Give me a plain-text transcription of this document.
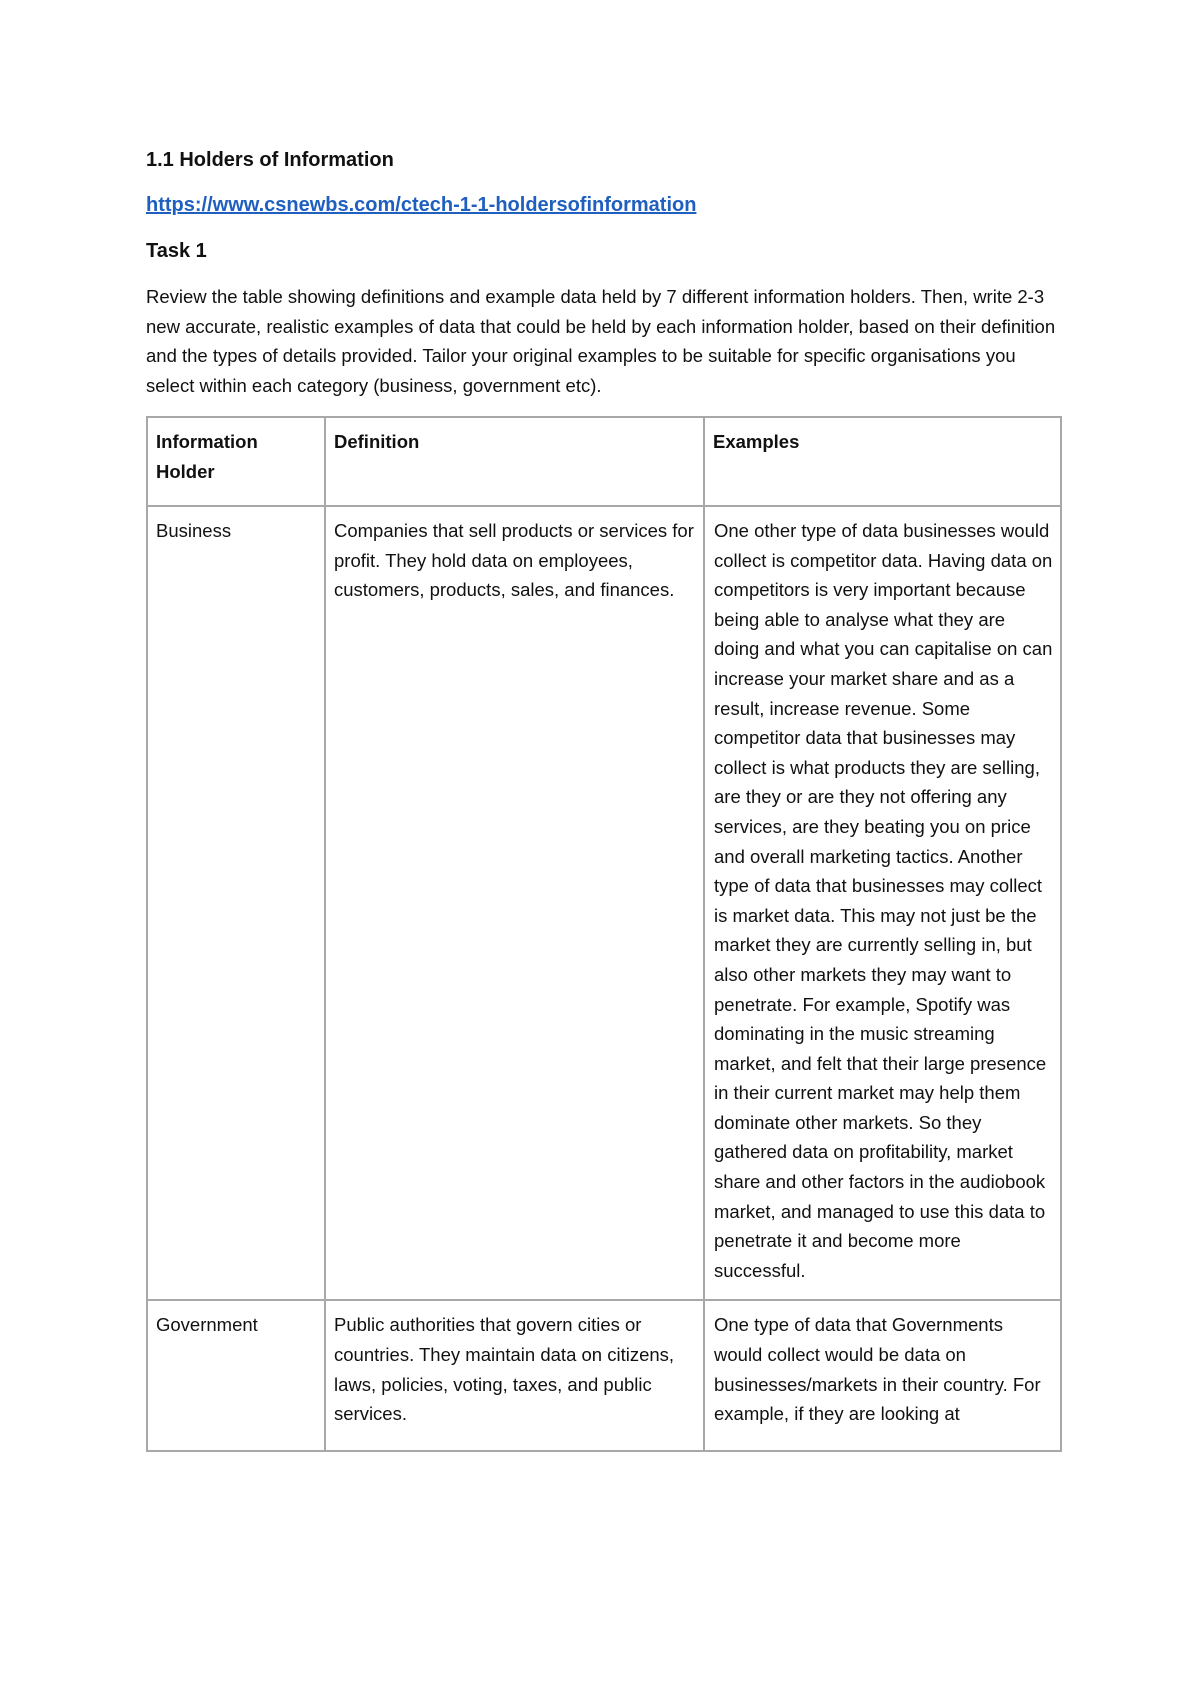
1.1 Holders of Information
https://www.csnewbs.com/ctech-1-1-holdersofinformation
Task 1
Review the table showing definitions and example data held by 7 different information holders. Then, write 2-3 new accurate, realistic examples of data that could be held by each information holder, based on their definition and the types of details provided. Tailor your original examples to be suitable for specific organisations you select within each category (business, government etc).
Information Holder	Definition	Examples
Business	Companies that sell products or services for profit. They hold data on employees, customers, products, sales, and finances.	One other type of data businesses would collect is competitor data. Having data on competitors is very important because being able to analyse what they are doing and what you can capitalise on can increase your market share and as a result, increase revenue. Some competitor data that businesses may collect is what products they are selling, are they or are they not offering any services, are they beating you on price and overall marketing tactics. Another type of data that businesses may collect is market data. This may not just be the market they are currently selling in, but also other markets they may want to penetrate. For example, Spotify was dominating in the music streaming market, and felt that their large presence in their current market may help them dominate other markets. So they gathered data on profitability, market share and other factors in the audiobook market, and managed to use this data to penetrate it and become more successful.
Government	Public authorities that govern cities or countries. They maintain data on citizens, laws, policies, voting, taxes, and public services.	One type of data that Governments would collect would be data on businesses/markets in their country. For example, if they are looking at
